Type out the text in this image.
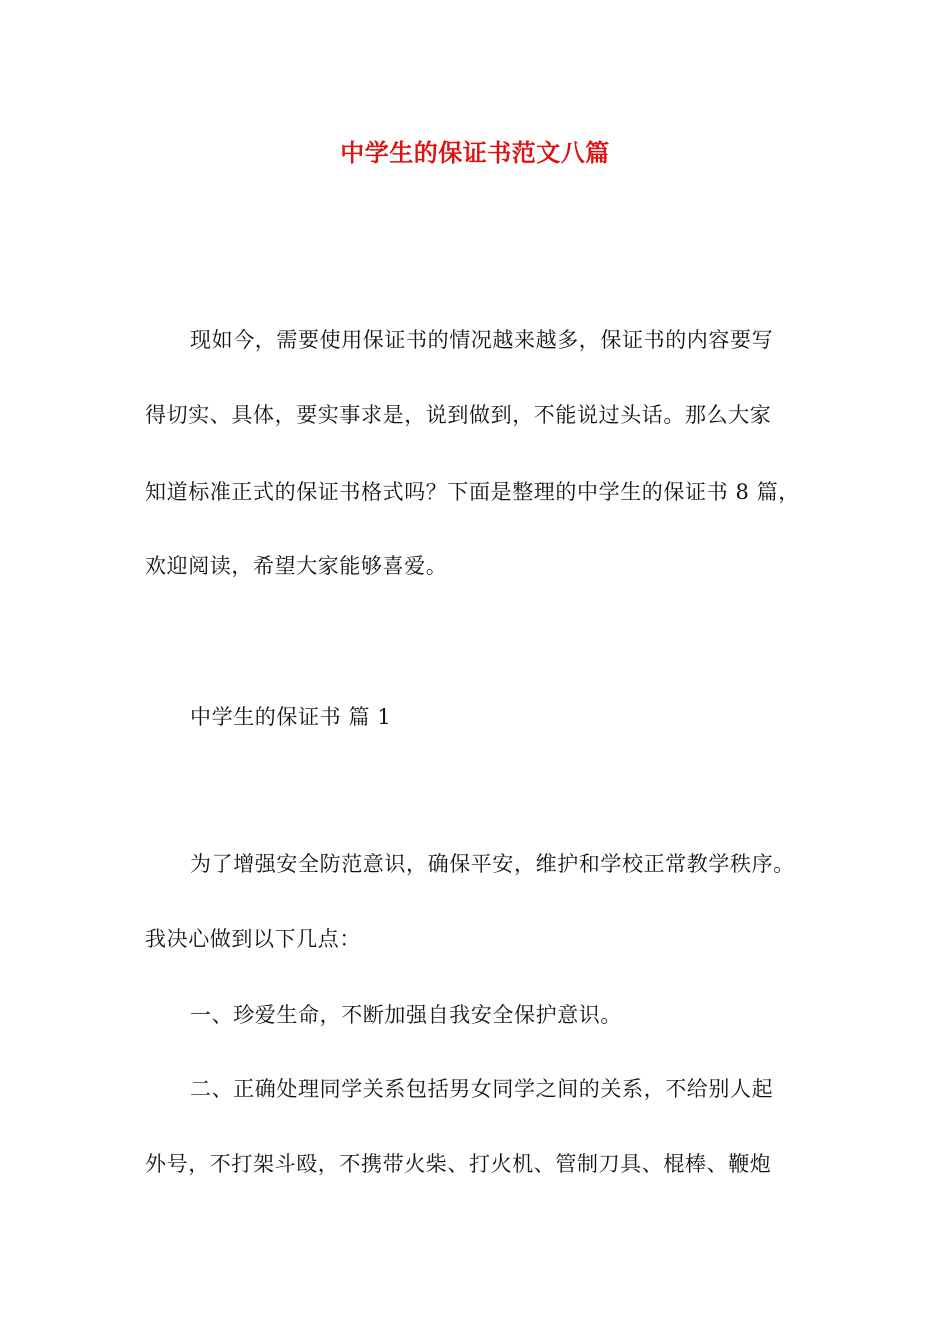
中学生的保证书范文八篇
现如今，需要使用保证书的情况越来越多，保证书的内容要写
得切实、具体，要实事求是，说到做到，不能说过头话。那么大家
知道标准正式的保证书格式吗？下面是整理的中学生的保证书 8 篇，
欢迎阅读，希望大家能够喜爱。
中学生的保证书 篇 1
为了增强安全防范意识，确保平安，维护和学校正常教学秩序。
我决心做到以下几点：
一、珍爱生命，不断加强自我安全保护意识。
二、正确处理同学关系包括男女同学之间的关系，不给别人起
外号，不打架斗殴，不携带火柴、打火机、管制刀具、棍棒、鞭炮
